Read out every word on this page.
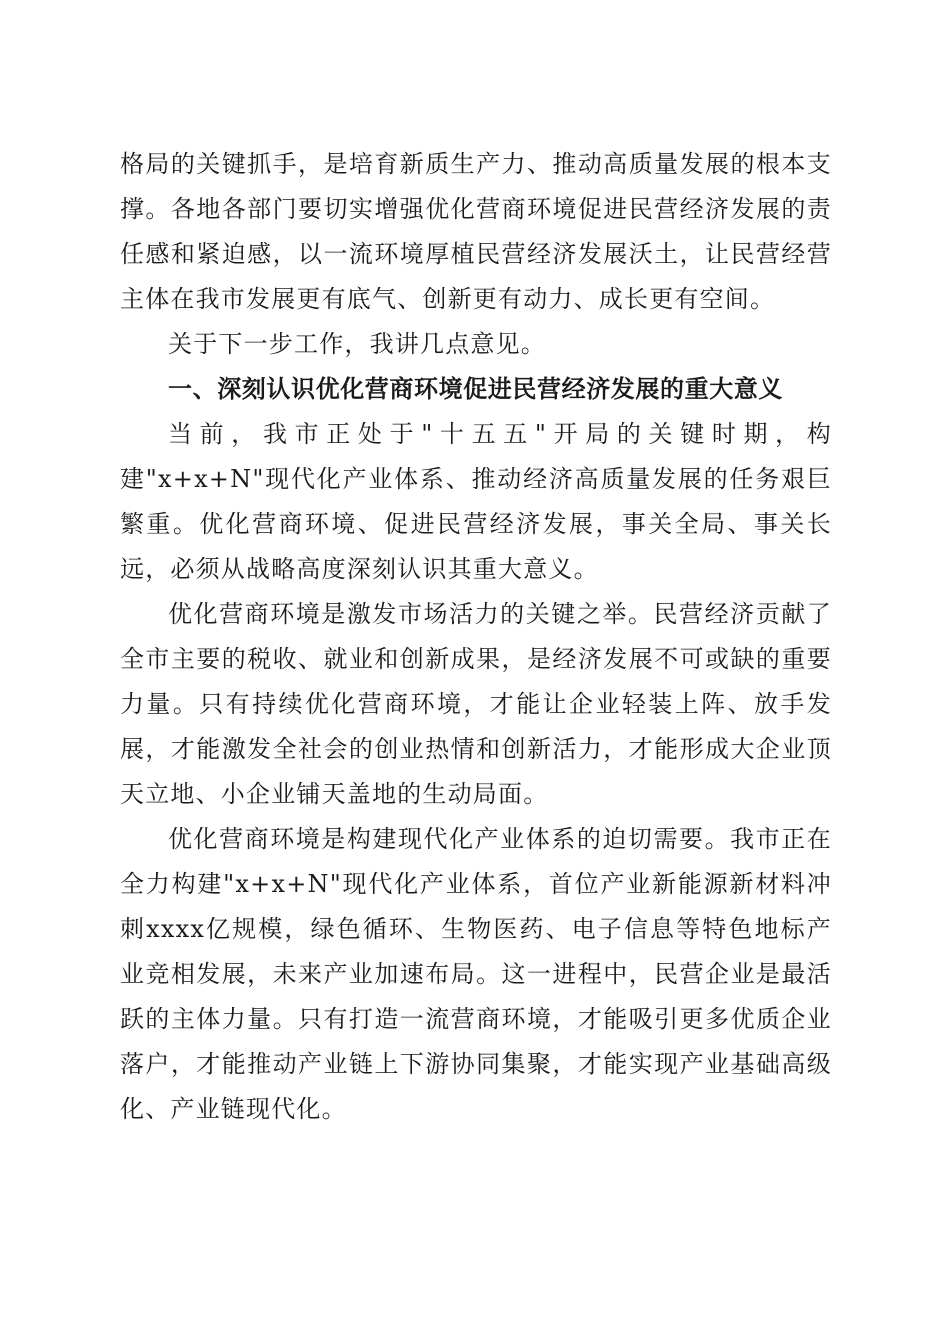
格局的关键抓手，是培育新质生产力、推动高质量发展的根本支撑。各地各部门要切实增强优化营商环境促进民营经济发展的责任感和紧迫感，以一流环境厚植民营经济发展沃土，让民营经营主体在我市发展更有底气、创新更有动力、成长更有空间。

关于下一步工作，我讲几点意见。

一、深刻认识优化营商环境促进民营经济发展的重大意义

当前，我市正处于"十五五"开局的关键时期，构建"x+x+N"现代化产业体系、推动经济高质量发展的任务艰巨繁重。优化营商环境、促进民营经济发展，事关全局、事关长远，必须从战略高度深刻认识其重大意义。

优化营商环境是激发市场活力的关键之举。民营经济贡献了全市主要的税收、就业和创新成果，是经济发展不可或缺的重要力量。只有持续优化营商环境，才能让企业轻装上阵、放手发展，才能激发全社会的创业热情和创新活力，才能形成大企业顶天立地、小企业铺天盖地的生动局面。

优化营商环境是构建现代化产业体系的迫切需要。我市正在全力构建"x+x+N"现代化产业体系，首位产业新能源新材料冲刺xxxx亿规模，绿色循环、生物医药、电子信息等特色地标产业竞相发展，未来产业加速布局。这一进程中，民营企业是最活跃的主体力量。只有打造一流营商环境，才能吸引更多优质企业落户，才能推动产业链上下游协同集聚，才能实现产业基础高级化、产业链现代化。
